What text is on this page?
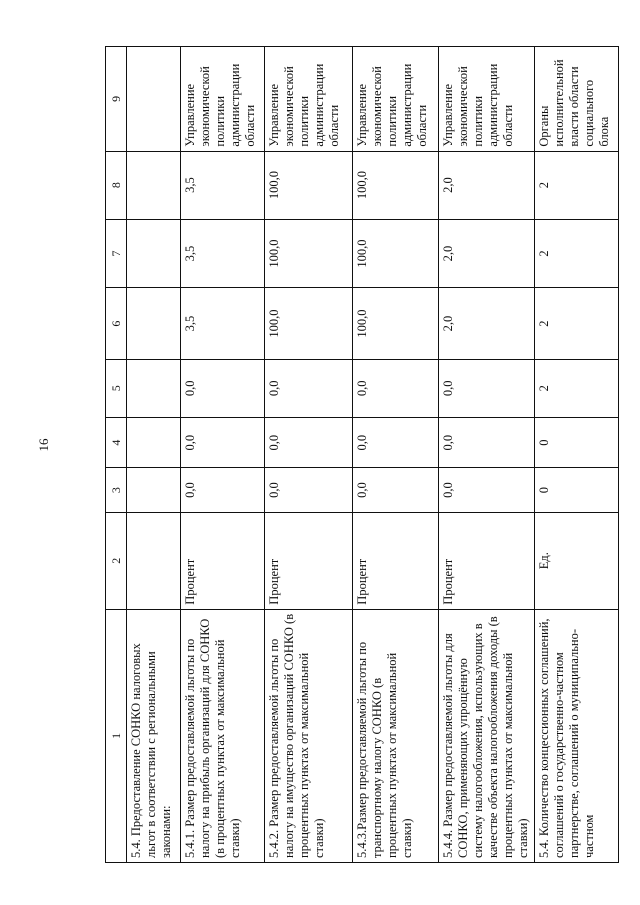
16
1	2	3	4	5	6	7	8	9
5.4. Предоставление СОНКО налоговых льгот в соответствии с региональными законами:								
5.4.1. Размер предоставляемой льготы по налогу на прибыль организаций для СОНКО (в процентных пунктах от максимальной ставки)	Процент	0,0	0,0	0,0	3,5	3,5	3,5	Управление экономической политики администрации области
5.4.2. Размер предоставляемой льготы по налогу на имущество организаций СОНКО (в процентных пунктах от максимальной ставки)	Процент	0,0	0,0	0,0	100,0	100,0	100,0	Управление экономической политики администрации области
5.4.3.Размер предоставляемой льготы по транспортному налогу СОНКО (в процентных пунктах от максимальной ставки)	Процент	0,0	0,0	0,0	100,0	100,0	100,0	Управление экономической политики администрации области
5.4.4. Размер предоставляемой льготы для СОНКО, применяющих упрощённую систему налогообложения, использующих в качестве объекта налогообложения доходы (в процентных пунктах от максимальной ставки)	Процент	0,0	0,0	0,0	2,0	2,0	2,0	Управление экономической политики администрации области
5.4. Количество концессионных соглашений, соглашений о государственно-частном партнерстве, соглашений о муниципально-частном	Ед.	0	0	2	2	2	2	Органы исполнительной власти области социального блока
